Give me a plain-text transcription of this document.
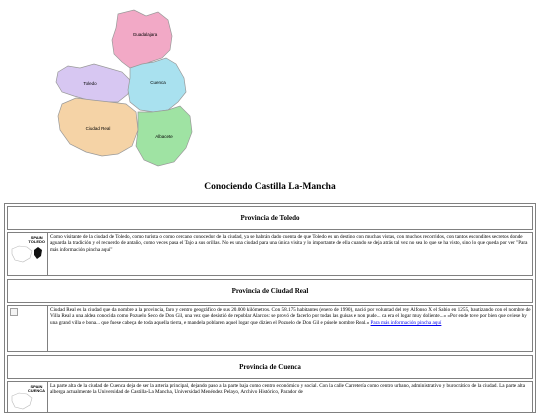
Guadalajara
Toledo	Cuenca
Ciudad Real
Albacete
Conociendo Castilla La-Mancha
Provincia de Toledo
SPAIN
TOLEDO
Como visitante de la ciudad de Toledo, como turista o como cercano conocedor de la ciudad, ya se habrán dado cuenta de que Toledo es un destino con muchas vistas, con muchos recorridos, con tantos escondites secretos donde aguarda la tradición y el recuerdo de antaño, como veces pasa el Tajo a sus orillas. No es una ciudad para una única visita y lo importante de ella cuando se deja atrás tal vez no sea lo que se ha visto, sino lo que queda por ver "Para más información pincha aquí"
Provincia de Ciudad Real
Ciudad Real es la ciudad que da nombre a la provincia, faro y centro geográfico de sus 20.000 kilómetros. Con 58.175 habitantes (enero de 1990), nació por voluntad del rey Alfonso X el Sabio en 1255, bautizando con el nombre de Villa Real a una aldea conocida como Pozuelo Seco de Don Gil, una vez que desistió de repoblar Alarcos: se provó de facerlo por todas las guisas e non pude... ca era el logar muy doliente...» «Por ende tove por bien que oviese hy una grand villa e bona... que fuese cabeça de toda aquella tierra, e mandela poblaren aquel logar que dizien el Pozuelo de Don Gil e púsele nombre Real.» Para más información pincha aquí
Provincia de Cuenca
SPAIN
CUENCA
La parte alta de la ciudad de Cuenca deja de ser la arteria principal, dejando paso a la parte baja como centro económico y social. Con la calle Carretería como centro urbano, administrativo y burocrático de la ciudad. La parte alta alberga actualmente la Universidad de Castilla-La Mancha, Universidad Menéndez Pelayo, Archivo Histórico, Parador de
